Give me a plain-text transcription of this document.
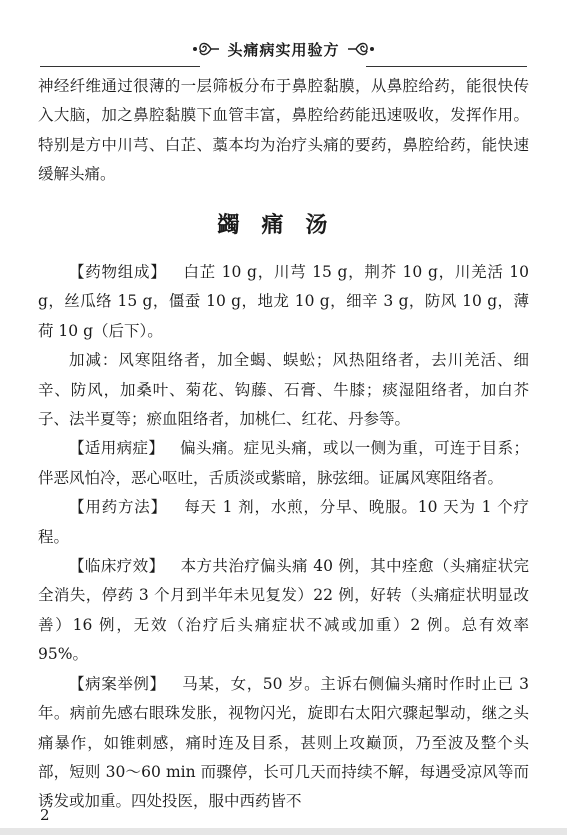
头痛病实用验方

神经纤维通过很薄的一层筛板分布于鼻腔黏膜，从鼻腔给药，能很快传入大脑，加之鼻腔黏膜下血管丰富，鼻腔给药能迅速吸收，发挥作用。特别是方中川芎、白芷、藁本均为治疗头痛的要药，鼻腔给药，能快速缓解头痛。

蠲痛汤

【药物组成】 白芷 10 g，川芎 15 g，荆芥 10 g，川羌活 10 g，丝瓜络 15 g，僵蚕 10 g，地龙 10 g，细辛 3 g，防风 10 g，薄荷 10 g（后下）。

加减：风寒阻络者，加全蝎、蜈蚣；风热阻络者，去川羌活、细辛、防风，加桑叶、菊花、钩藤、石膏、牛膝；痰湿阻络者，加白芥子、法半夏等；瘀血阻络者，加桃仁、红花、丹参等。

【适用病症】 偏头痛。症见头痛，或以一侧为重，可连于目系；伴恶风怕冷，恶心呕吐，舌质淡或紫暗，脉弦细。证属风寒阻络者。

【用药方法】 每天 1 剂，水煎，分早、晚服。10 天为 1 个疗程。

【临床疗效】 本方共治疗偏头痛 40 例，其中痊愈（头痛症状完全消失，停药 3 个月到半年未见复发）22 例，好转（头痛症状明显改善）16 例，无效（治疗后头痛症状不减或加重）2 例。总有效率 95%。

【病案举例】 马某，女，50 岁。主诉右侧偏头痛时作时止已 3 年。病前先感右眼珠发胀，视物闪光，旋即右太阳穴骤起掣动，继之头痛暴作，如锥刺感，痛时连及目系，甚则上攻巅顶，乃至波及整个头部，短则 30～60 min 而骤停，长可几天而持续不解，每遇受凉风等而诱发或加重。四处投医，服中西药皆不

2
